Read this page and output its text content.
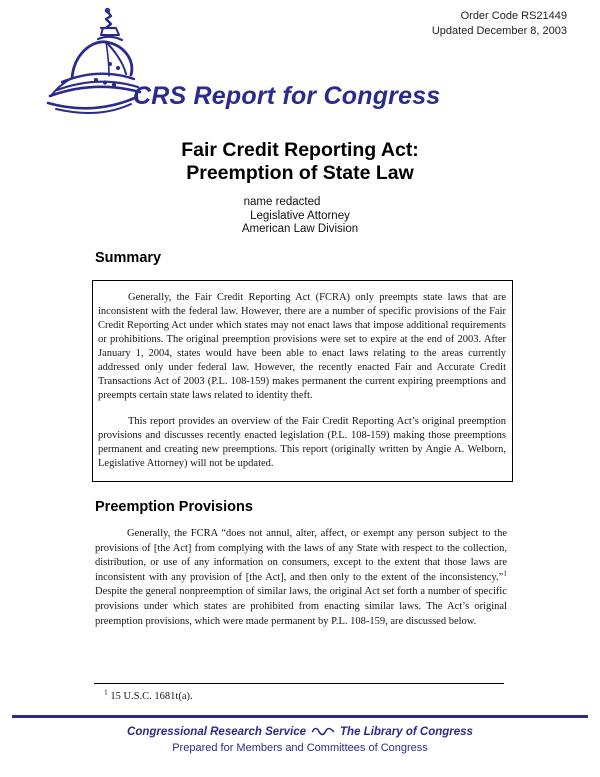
Order Code RS21449
Updated December 8, 2003
CRS Report for Congress
Fair Credit Reporting Act:
Preemption of State Law
name redacted
Legislative Attorney
American Law Division
Summary

Generally, the Fair Credit Reporting Act (FCRA) only preempts state laws that are inconsistent with the federal law. However, there are a number of specific provisions of the Fair Credit Reporting Act under which states may not enact laws that impose additional requirements or prohibitions. The original preemption provisions were set to expire at the end of 2003. After January 1, 2004, states would have been able to enact laws relating to the areas currently addressed only under federal law. However, the recently enacted Fair and Accurate Credit Transactions Act of 2003 (P.L. 108-159) makes permanent the current expiring preemptions and preempts certain state laws related to identity theft.

This report provides an overview of the Fair Credit Reporting Act’s original preemption provisions and discusses recently enacted legislation (P.L. 108-159) making those preemptions permanent and creating new preemptions. This report (originally written by Angie A. Welborn, Legislative Attorney) will not be updated.

Preemption Provisions

Generally, the FCRA “does not annul, alter, affect, or exempt any person subject to the provisions of [the Act] from complying with the laws of any State with respect to the collection, distribution, or use of any information on consumers, except to the extent that those laws are inconsistent with any provision of [the Act], and then only to the extent of the inconsistency.”$^1$ Despite the general nonpreemption of similar laws, the original Act set forth a number of specific provisions under which states are prohibited from enacting similar laws. The Act’s original preemption provisions, which were made permanent by P.L. 108-159, are discussed below.

$^1$ 15 U.S.C. 1681t(a).
Congressional Research Service	The Library of Congress
Prepared for Members and Committees of Congress
